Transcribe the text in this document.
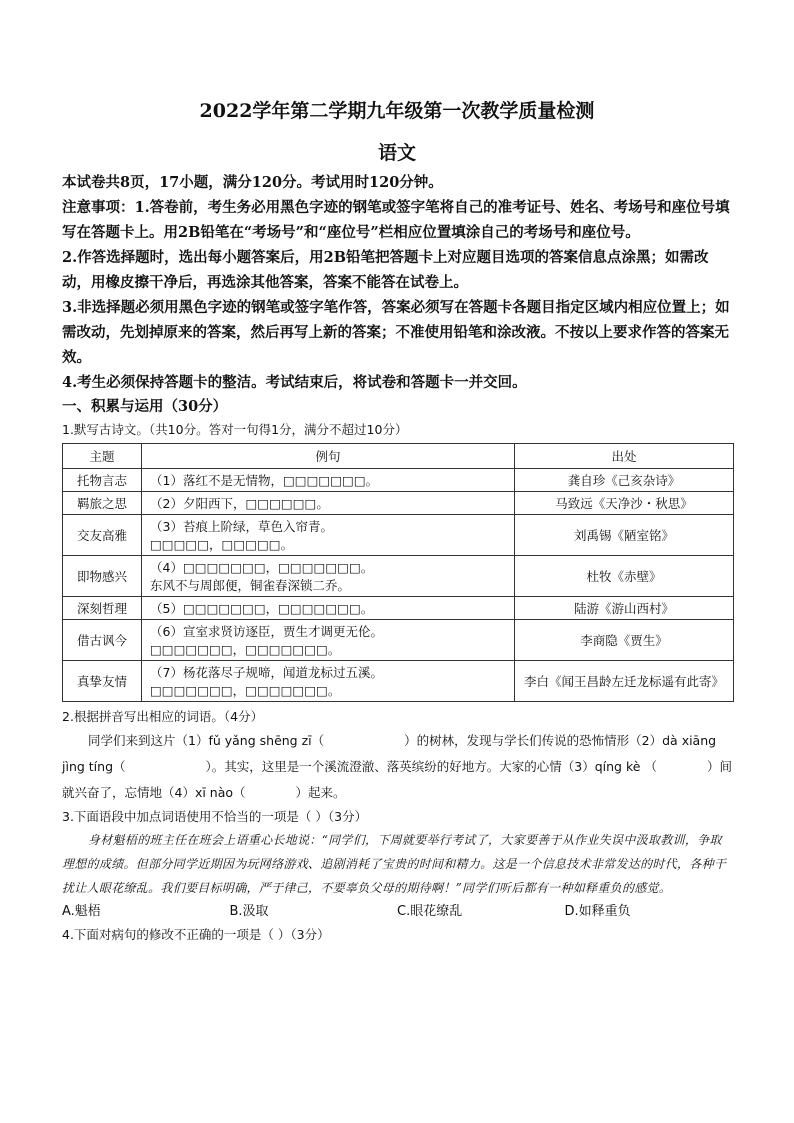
2022学年第二学期九年级第一次教学质量检测
语文
本试卷共8页，17小题，满分120分。考试用时120分钟。
注意事项：1.答卷前，考生务必用黑色字迹的钢笔或签字笔将自己的准考证号、姓名、考场号和座位号填写在答题卡上。用2B铅笔在“考场号”和“座位号”栏相应位置填涂自己的考场号和座位号。
2.作答选择题时，选出每小题答案后，用2B铅笔把答题卡上对应题目选项的答案信息点涂黑；如需改动，用橡皮擦干净后，再选涂其他答案，答案不能答在试卷上。
3.非选择题必须用黑色字迹的钢笔或签字笔作答，答案必须写在答题卡各题目指定区域内相应位置上；如需改动，先划掉原来的答案，然后再写上新的答案；不准使用铅笔和涂改液。不按以上要求作答的答案无效。
4.考生必须保持答题卡的整洁。考试结束后，将试卷和答题卡一并交回。
一、积累与运用（30分）
1.默写古诗文。（共10分。答对一句得1分，满分不超过10分）
主题	例句	出处
托物言志	（1）落红不是无情物，□□□□□□□。	龚自珍《己亥杂诗》
羁旅之思	（2）夕阳西下，□□□□□□。	马致远《天净沙・秋思》
交友高雅	（3）苔痕上阶绿，草色入帘青。
□□□□□，□□□□□。	刘禹锡《陋室铭》
即物感兴	（4）□□□□□□□，□□□□□□□。
东风不与周郎便，铜雀春深锁二乔。	杜牧《赤壁》
深刻哲理	（5）□□□□□□□，□□□□□□□。	陆游《游山西村》
借古讽今	（6）宣室求贤访逐臣，贾生才调更无伦。
□□□□□□□，□□□□□□□。	李商隐《贾生》
真挚友情	（7）杨花落尽子规啼，闻道龙标过五溪。
□□□□□□□，□□□□□□□。	李白《闻王昌龄左迁龙标遥有此寄》
2.根据拼音写出相应的词语。（4分）
同学们来到这片（1）fǔ yǎng shēng zī（	）的树林，发现与学长们传说的恐怖情形（2）dà xiāng jìng tíng（	）。其实，这里是一个溪流澄澈、落英缤纷的好地方。大家的心情（3）qíng kè （	）间就兴奋了，忘情地（4）xī nào（	）起来。
3.下面语段中加点词语使用不恰当的一项是（ ）（3分）
身材魁梧的班主任在班会上语重心长地说：“同学们，下周就要举行考试了，大家要善于从作业失误中汲取教训，争取理想的成绩。但部分同学近期因为玩网络游戏、追剧消耗了宝贵的时间和精力。这是一个信息技术非常发达的时代，各种干扰让人眼花缭乱。我们要目标明确，严于律己，不要辜负父母的期待啊！”同学们听后都有一种如释重负的感觉。
A.魁梧	B.汲取	C.眼花缭乱	D.如释重负
4.下面对病句的修改不正确的一项是（ ）（3分）
